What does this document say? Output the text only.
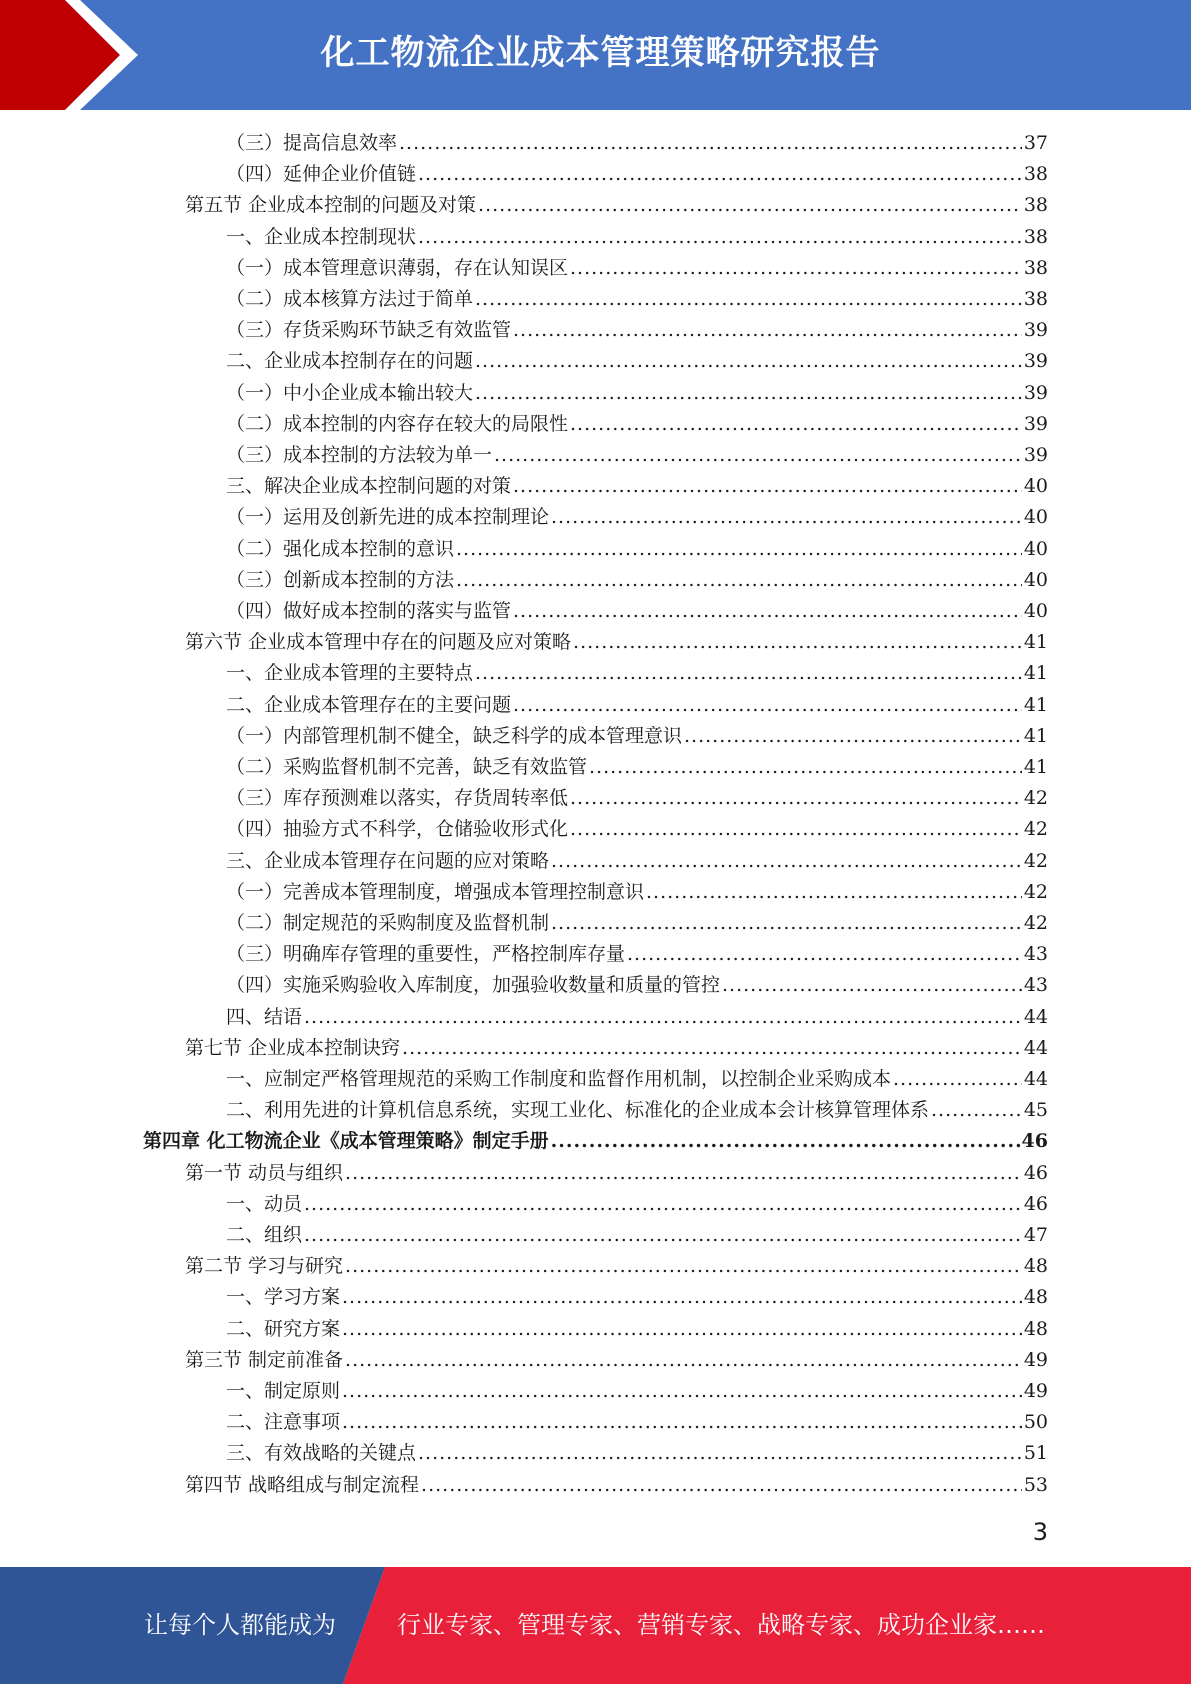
化工物流企业成本管理策略研究报告
（三）提高信息效率 .....	37
（四）延伸企业价值链 .....	38
第五节 企业成本控制的问题及对策 .....	38
一、企业成本控制现状 .....	38
（一）成本管理意识薄弱，存在认知误区 .....	38
（二）成本核算方法过于简单 .....	38
（三）存货采购环节缺乏有效监管 .....	39
二、企业成本控制存在的问题 .....	39
（一）中小企业成本输出较大 .....	39
（二）成本控制的内容存在较大的局限性 .....	39
（三）成本控制的方法较为单一 .....	39
三、解决企业成本控制问题的对策 .....	40
（一）运用及创新先进的成本控制理论 .....	40
（二）强化成本控制的意识 .....	40
（三）创新成本控制的方法 .....	40
（四）做好成本控制的落实与监管 .....	40
第六节 企业成本管理中存在的问题及应对策略 .....	41
一、企业成本管理的主要特点 .....	41
二、企业成本管理存在的主要问题 .....	41
（一）内部管理机制不健全，缺乏科学的成本管理意识 .....	41
（二）采购监督机制不完善，缺乏有效监管 .....	41
（三）库存预测难以落实，存货周转率低 .....	42
（四）抽验方式不科学，仓储验收形式化 .....	42
三、企业成本管理存在问题的应对策略 .....	42
（一）完善成本管理制度，增强成本管理控制意识 .....	42
（二）制定规范的采购制度及监督机制 .....	42
（三）明确库存管理的重要性，严格控制库存量 .....	43
（四）实施采购验收入库制度，加强验收数量和质量的管控 .....	43
四、结语 .....	44
第七节 企业成本控制诀窍 .....	44
一、应制定严格管理规范的采购工作制度和监督作用机制，以控制企业采购成本 .....	44
二、利用先进的计算机信息系统，实现工业化、标准化的企业成本会计核算管理体系 .....	45
第四章 化工物流企业《成本管理策略》制定手册 .....	46
第一节 动员与组织 .....	46
一、动员 .....	46
二、组织 .....	47
第二节 学习与研究 .....	48
一、学习方案 .....	48
二、研究方案 .....	48
第三节 制定前准备 .....	49
一、制定原则 .....	49
二、注意事项 .....	50
三、有效战略的关键点 .....	51
第四节 战略组成与制定流程 .....	53
3
让每个人都能成为	行业专家、管理专家、营销专家、战略专家、成功企业家……
